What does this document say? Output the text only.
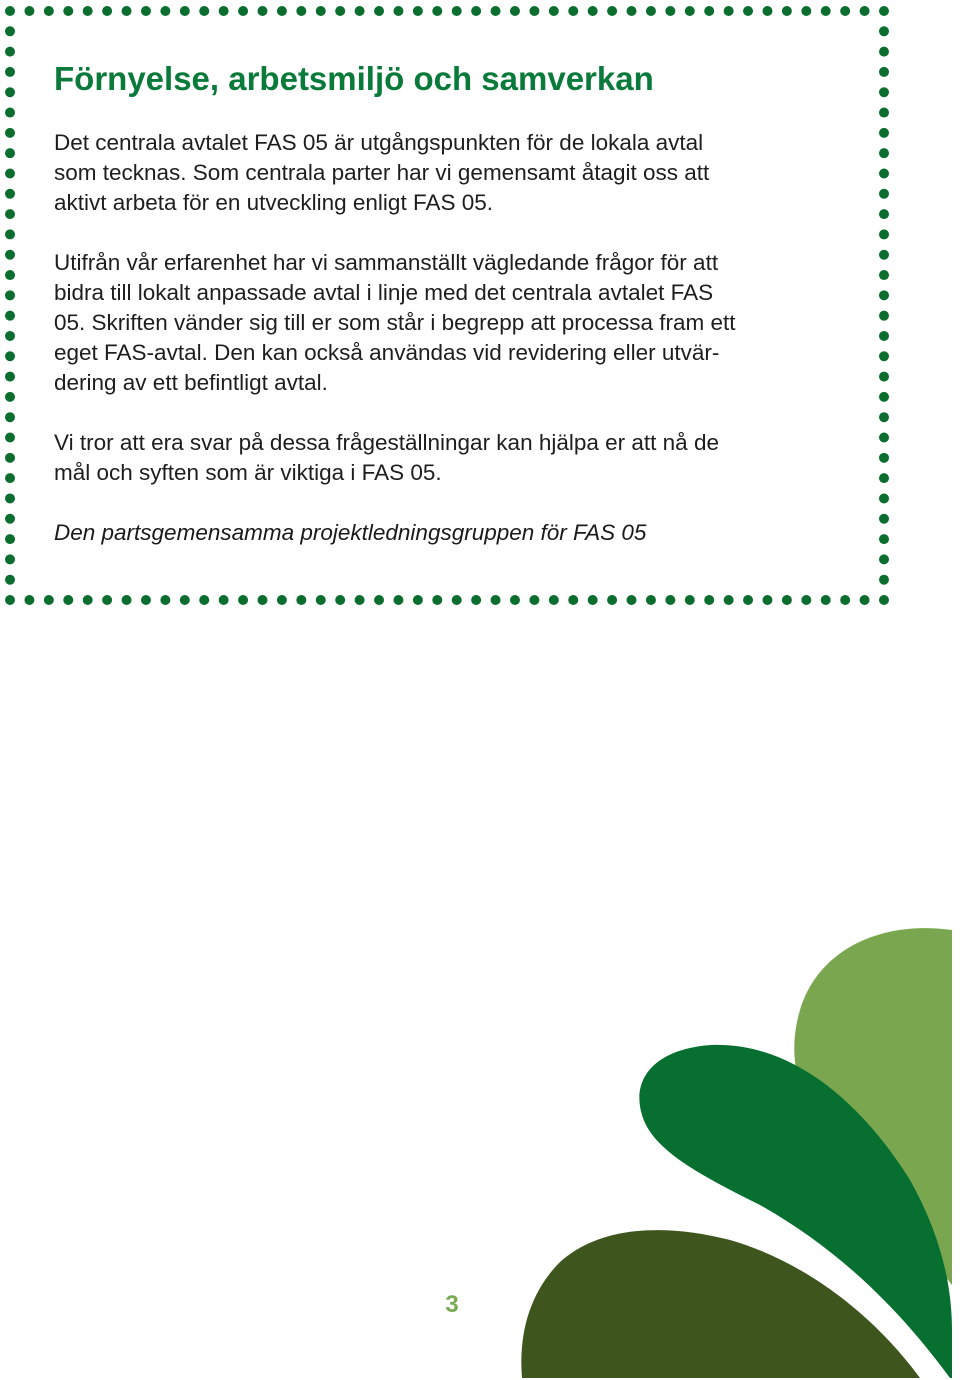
Förnyelse, arbetsmiljö och samverkan

Det centrala avtalet FAS 05 är utgångspunkten för de lokala avtal
som tecknas. Som centrala parter har vi gemensamt åtagit oss att
aktivt arbeta för en utveckling enligt FAS 05.

Utifrån vår erfarenhet har vi sammanställt vägledande frågor för att
bidra till lokalt anpassade avtal i linje med det centrala avtalet FAS
05. Skriften vänder sig till er som står i begrepp att processa fram ett
eget FAS-avtal. Den kan också användas vid revidering eller utvär-
dering av ett befintligt avtal.

Vi tror att era svar på dessa frågeställningar kan hjälpa er att nå de
mål och syften som är viktiga i FAS 05.

Den partsgemensamma projektledningsgruppen för FAS 05

3
